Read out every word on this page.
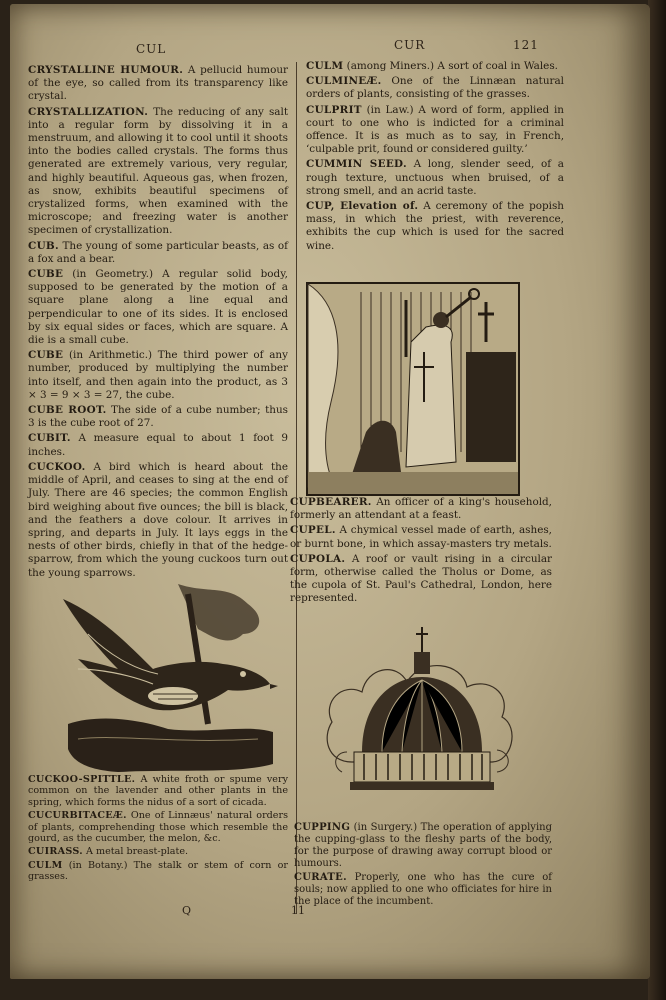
CUL	CUR	121

CRYSTALLINE HUMOUR. A pellucid humour of the eye, so called from its transparency like crystal.

CRYSTALLIZATION. The reducing of any salt into a regular form by dissolving it in a menstruum, and allowing it to cool until it shoots into the bodies called crystals. The forms thus generated are extremely various, very regular, and highly beautiful. Aqueous gas, when frozen, as snow, exhibits beautiful specimens of crystalized forms, when examined with the microscope; and freezing water is another specimen of crystallization.

CUB. The young of some particular beasts, as of a fox and a bear.

CUBE (in Geometry.) A regular solid body, supposed to be generated by the motion of a square plane along a line equal and perpendicular to one of its sides. It is enclosed by six equal sides or faces, which are square. A die is a small cube.

CUBE (in Arithmetic.) The third power of any number, produced by multiplying the number into itself, and then again into the product, as 3 × 3 = 9 × 3 = 27, the cube.

CUBE ROOT. The side of a cube number; thus 3 is the cube root of 27.

CUBIT. A measure equal to about 1 foot 9 inches.

CUCKOO. A bird which is heard about the middle of April, and ceases to sing at the end of July. There are 46 species; the common English bird weighing about five ounces; the bill is black, and the feathers a dove colour. It arrives in spring, and departs in July. It lays eggs in the nests of other birds, chiefly in that of the hedge-sparrow, from which the young cuckoos turn out the young sparrows.

CUCKOO-SPITTLE. A white froth or spume very common on the lavender and other plants in the spring, which forms the nidus of a sort of cicada.

CUCURBITACEÆ. One of Linnæus' natural orders of plants, comprehending those which resemble the gourd, as the cucumber, the melon, &c.

CUIRASS. A metal breast-plate.

CULM (in Botany.) The stalk or stem of corn or grasses.

CULM (among Miners.) A sort of coal in Wales.

CULMINEÆ. One of the Linnæan natural orders of plants, consisting of the grasses.

CULPRIT (in Law.) A word of form, applied in court to one who is indicted for a criminal offence. It is as much as to say, in French, ‘culpable prit, found or considered guilty.’

CUMMIN SEED. A long, slender seed, of a rough texture, unctuous when bruised, of a strong smell, and an acrid taste.

CUP, Elevation of. A ceremony of the popish mass, in which the priest, with reverence, exhibits the cup which is used for the sacred wine.

CUPBEARER. An officer of a king's household, formerly an attendant at a feast.

CUPEL. A chymical vessel made of earth, ashes, or burnt bone, in which assay-masters try metals.

CUPOLA. A roof or vault rising in a circular form, otherwise called the Tholus or Dome, as the cupola of St. Paul's Cathedral, London, here represented.

CUPPING (in Surgery.) The operation of applying the cupping-glass to the fleshy parts of the body, for the purpose of drawing away corrupt blood or humours.

CURATE. Properly, one who has the cure of souls; now applied to one who officiates for hire in the place of the incumbent.

Q	11
